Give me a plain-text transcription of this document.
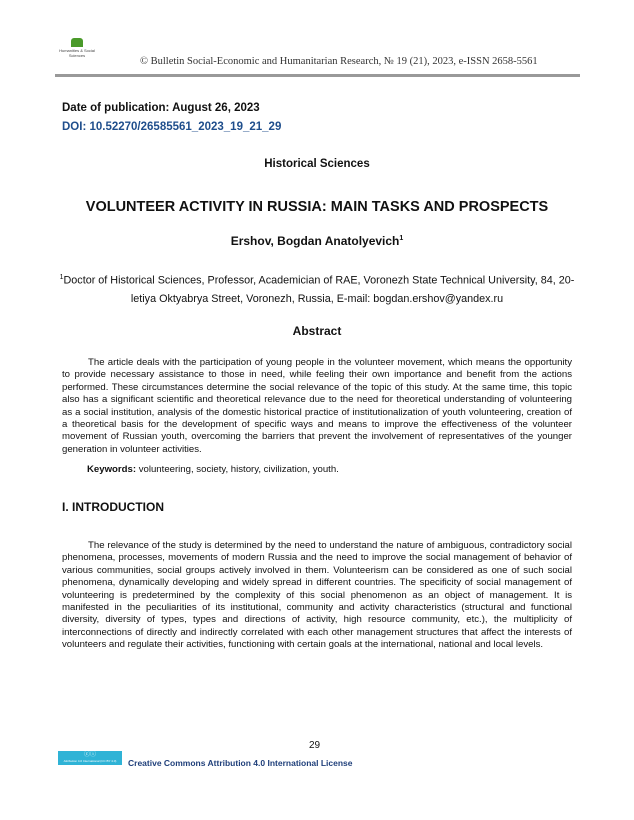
Humanities & Social Sciences
© Bulletin Social-Economic and Humanitarian Research, № 19 (21), 2023, e-ISSN 2658-5561
Date of publication: August 26, 2023
DOI: 10.52270/26585561_2023_19_21_29
Historical Sciences
VOLUNTEER ACTIVITY IN RUSSIA: MAIN TASKS AND PROSPECTS
Ershov, Bogdan Anatolyevich$^1$
$^1$Doctor of Historical Sciences, Professor, Academician of RAE, Voronezh State Technical University, 84, 20-letiya Oktyabrya Street, Voronezh, Russia, E-mail: bogdan.ershov@yandex.ru
Abstract
The article deals with the participation of young people in the volunteer movement, which means the opportunity to provide necessary assistance to those in need, while feeling their own importance and benefit from the actions performed. These circumstances determine the social relevance of the topic of this study. At the same time, this topic also has a significant scientific and theoretical relevance due to the need for theoretical understanding of volunteering as a social institution, analysis of the domestic historical practice of institutionalization of youth volunteering, creation of a theoretical basis for the development of specific ways and means to improve the effectiveness of the volunteer movement of Russian youth, overcoming the barriers that prevent the involvement of representatives of the younger generation in volunteer activities.
Keywords: volunteering, society, history, civilization, youth.
I. INTRODUCTION
The relevance of the study is determined by the need to understand the nature of ambiguous, contradictory social phenomena, processes, movements of modern Russia and the need to improve the social management of behavior of various communities, social groups actively involved in them. Volunteerism can be considered as one of such social phenomena, dynamically developing and widely spread in different countries. The specificity of social management of volunteering is predetermined by the complexity of this social phenomenon as an object of management. It is manifested in the peculiarities of its institutional, community and activity characteristics (structural and functional diversity, diversity of types, types and directions of activity, high resource community, etc.), the multiplicity of interconnections of directly and indirectly correlated with each other management structures that affect the interests of volunteers and regulate their activities, functioning with certain goals at the international, national and local levels.
29
ⓒⓘ
Attribution 4.0 International (CC BY 4.0)	Creative Commons Attribution 4.0 International License
